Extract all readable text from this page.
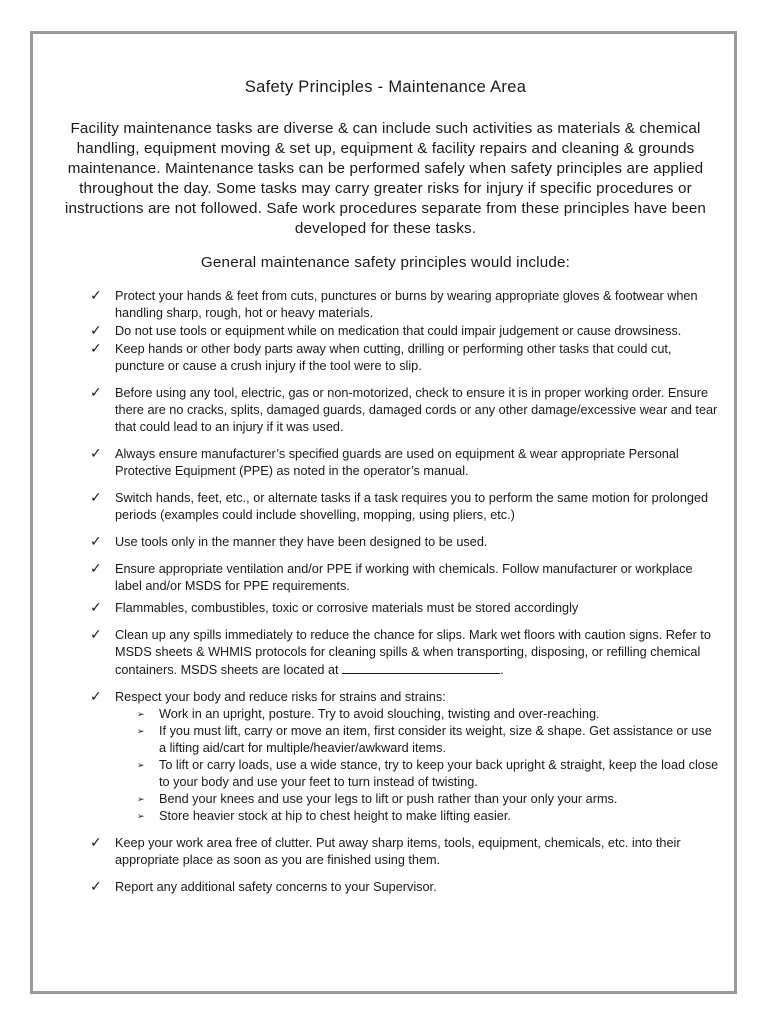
Safety Principles - Maintenance Area
Facility maintenance tasks are diverse & can include such activities as materials & chemical handling, equipment moving & set up, equipment & facility repairs and cleaning & grounds maintenance. Maintenance tasks can be performed safely when safety principles are applied throughout the day. Some tasks may carry greater risks for injury if specific procedures or instructions are not followed. Safe work procedures separate from these principles have been developed for these tasks.
General maintenance safety principles would include:
✓ Protect your hands & feet from cuts, punctures or burns by wearing appropriate gloves & footwear when handling sharp, rough, hot or heavy materials.
✓ Do not use tools or equipment while on medication that could impair judgement or cause drowsiness.
✓ Keep hands or other body parts away when cutting, drilling or performing other tasks that could cut, puncture or cause a crush injury if the tool were to slip.
✓ Before using any tool, electric, gas or non-motorized, check to ensure it is in proper working order. Ensure there are no cracks, splits, damaged guards, damaged cords or any other damage/excessive wear and tear that could lead to an injury if it was used.
✓ Always ensure manufacturer’s specified guards are used on equipment & wear appropriate Personal Protective Equipment (PPE) as noted in the operator’s manual.
✓ Switch hands, feet, etc., or alternate tasks if a task requires you to perform the same motion for prolonged periods (examples could include shovelling, mopping, using pliers, etc.)
✓ Use tools only in the manner they have been designed to be used.
✓ Ensure appropriate ventilation and/or PPE if working with chemicals. Follow manufacturer or workplace label and/or MSDS for PPE requirements.
✓ Flammables, combustibles, toxic or corrosive materials must be stored accordingly
✓ Clean up any spills immediately to reduce the chance for slips. Mark wet floors with caution signs. Refer to MSDS sheets & WHMIS protocols for cleaning spills & when transporting, disposing, or refilling chemical containers. MSDS sheets are located at	.
✓ Respect your body and reduce risks for strains and strains:
➢ Work in an upright, posture. Try to avoid slouching, twisting and over-reaching.
➢ If you must lift, carry or move an item, first consider its weight, size & shape. Get assistance or use a lifting aid/cart for multiple/heavier/awkward items.
➢ To lift or carry loads, use a wide stance, try to keep your back upright & straight, keep the load close to your body and use your feet to turn instead of twisting.
➢ Bend your knees and use your legs to lift or push rather than your only your arms.
➢ Store heavier stock at hip to chest height to make lifting easier.
✓ Keep your work area free of clutter. Put away sharp items, tools, equipment, chemicals, etc. into their appropriate place as soon as you are finished using them.
✓ Report any additional safety concerns to your Supervisor.
